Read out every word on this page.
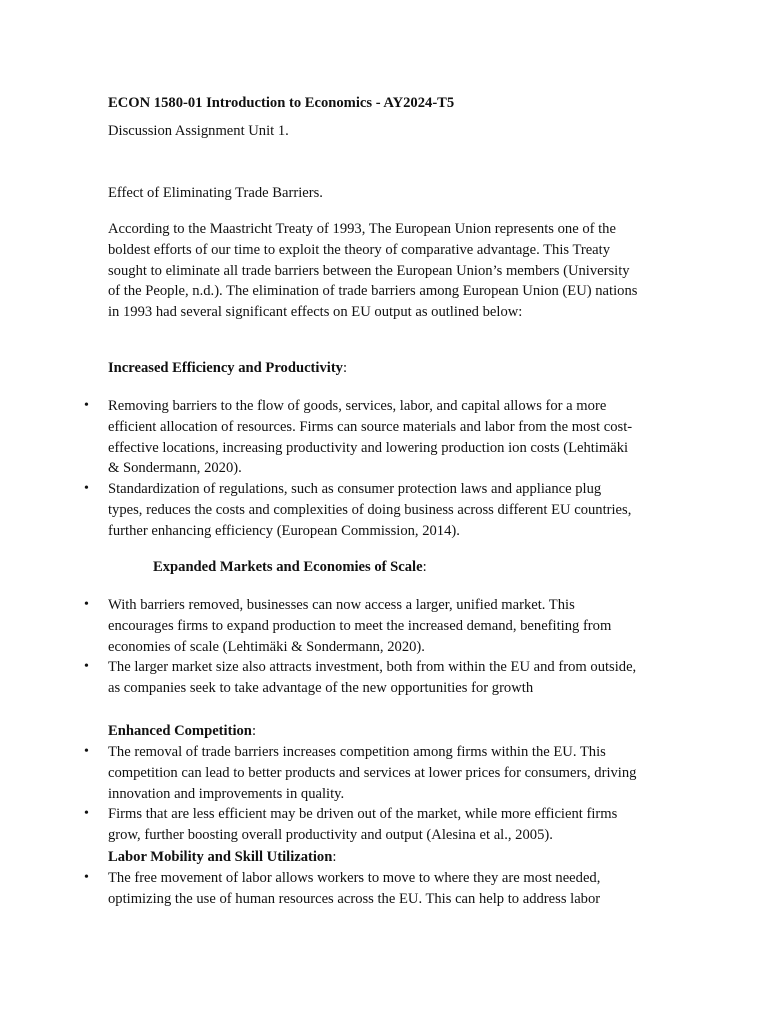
ECON 1580-01 Introduction to Economics - AY2024-T5
Discussion Assignment Unit 1.
Effect of Eliminating Trade Barriers.

According to the Maastricht Treaty of 1993, The European Union represents one of the boldest efforts of our time to exploit the theory of comparative advantage. This Treaty sought to eliminate all trade barriers between the European Union’s members (University of the People, n.d.). The elimination of trade barriers among European Union (EU) nations in 1993 had several significant effects on EU output as outlined below:

Increased Efficiency and Productivity:
• Removing barriers to the flow of goods, services, labor, and capital allows for a more efficient allocation of resources. Firms can source materials and labor from the most cost-effective locations, increasing productivity and lowering production ion costs (Lehtimäki & Sondermann, 2020).
• Standardization of regulations, such as consumer protection laws and appliance plug types, reduces the costs and complexities of doing business across different EU countries, further enhancing efficiency (European Commission, 2014).
Expanded Markets and Economies of Scale:
• With barriers removed, businesses can now access a larger, unified market. This encourages firms to expand production to meet the increased demand, benefiting from economies of scale (Lehtimäki & Sondermann, 2020).
• The larger market size also attracts investment, both from within the EU and from outside, as companies seek to take advantage of the new opportunities for growth
Enhanced Competition:
• The removal of trade barriers increases competition among firms within the EU. This competition can lead to better products and services at lower prices for consumers, driving innovation and improvements in quality.
• Firms that are less efficient may be driven out of the market, while more efficient firms grow, further boosting overall productivity and output (Alesina et al., 2005).
Labor Mobility and Skill Utilization:
• The free movement of labor allows workers to move to where they are most needed, optimizing the use of human resources across the EU. This can help to address labor
